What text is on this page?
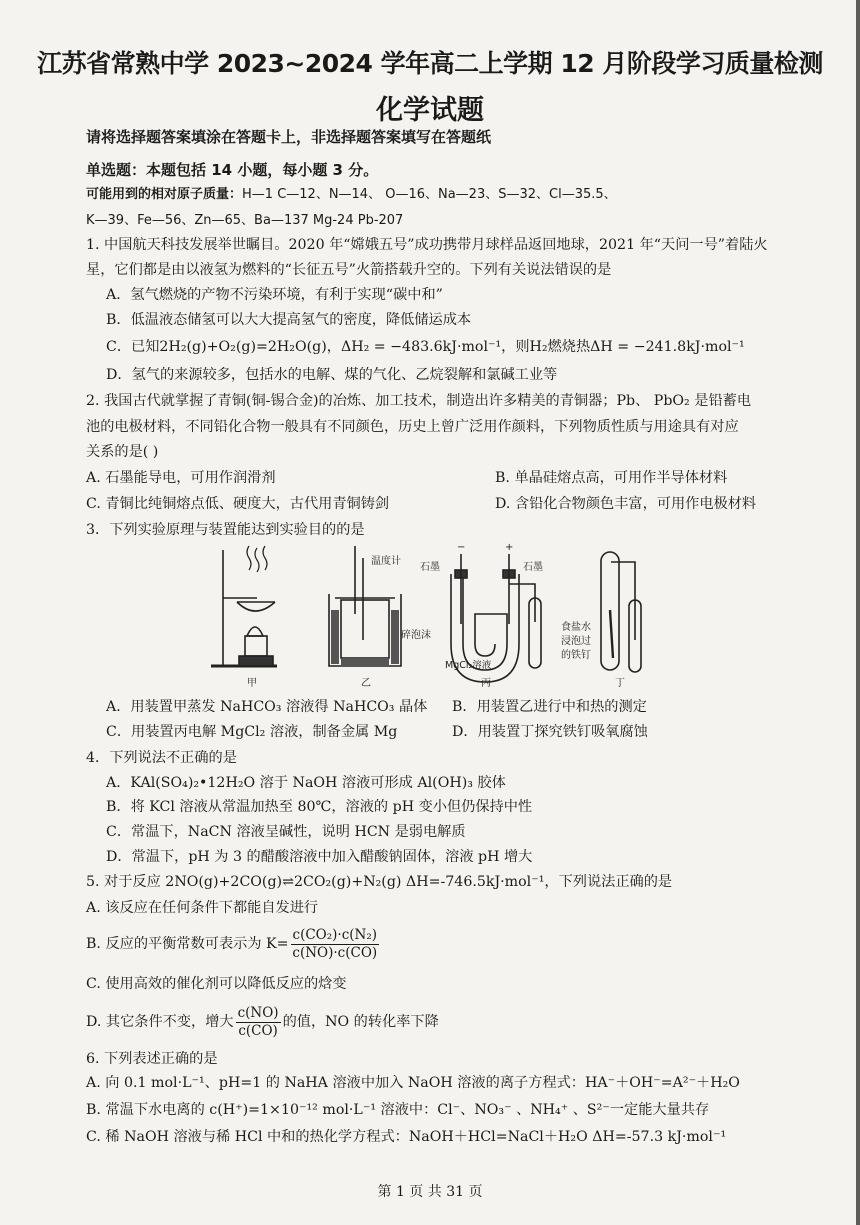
江苏省常熟中学 2023~2024 学年高二上学期 12 月阶段学习质量检测
化学试题
请将选择题答案填涂在答题卡上，非选择题答案填写在答题纸
单选题：本题包括 14 小题，每小题 3 分。
可能用到的相对原子质量：H—1 C—12、N—14、 O—16、Na—23、S—32、Cl—35.5、
K—39、Fe—56、Zn—65、Ba—137 Mg-24 Pb-207
1. 中国航天科技发展举世瞩目。2020 年“嫦娥五号”成功携带月球样品返回地球，2021 年“天问一号”着陆火
星，它们都是由以液氢为燃料的“长征五号”火箭搭载升空的。下列有关说法错误的是
A．氢气燃烧的产物不污染环境，有利于实现“碳中和”
B．低温液态储氢可以大大提高氢气的密度，降低储运成本
C．已知2H₂(g)+O₂(g)=2H₂O(g)，ΔH₂ = −483.6kJ·mol⁻¹，则H₂燃烧热ΔH = −241.8kJ·mol⁻¹
D．氢气的来源较多，包括水的电解、煤的气化、乙烷裂解和氯碱工业等
2. 我国古代就掌握了青铜(铜-锡合金)的冶炼、加工技术，制造出许多精美的青铜器；Pb、 PbO₂ 是铅蓄电
池的电极材料，不同铅化合物一般具有不同颜色，历史上曾广泛用作颜料，下列物质性质与用途具有对应
关系的是( )
A. 石墨能导电，可用作润滑剂	B. 单晶硅熔点高，可用作半导体材料
C. 青铜比纯铜熔点低、硬度大，古代用青铜铸剑	D. 含铅化合物颜色丰富，可用作电极材料
3．下列实验原理与装置能达到实验目的的是
温度计
碎泡沫
石墨	石墨
−	+
MgCl₂溶液
食盐水
浸泡过
的铁钉
甲	乙	丙	丁
A．用装置甲蒸发 NaHCO₃ 溶液得 NaHCO₃ 晶体 B．用装置乙进行中和热的测定
C．用装置丙电解 MgCl₂ 溶液，制备金属 Mg	D．用装置丁探究铁钉吸氧腐蚀
4．下列说法不正确的是
A．KAl(SO₄)₂•12H₂O 溶于 NaOH 溶液可形成 Al(OH)₃ 胶体
B．将 KCl 溶液从常温加热至 80℃，溶液的 pH 变小但仍保持中性
C．常温下，NaCN 溶液呈碱性，说明 HCN 是弱电解质
D．常温下，pH 为 3 的醋酸溶液中加入醋酸钠固体，溶液 pH 增大
5. 对于反应 2NO(g)+2CO(g)⇌2CO₂(g)+N₂(g) ΔH=-746.5kJ·mol⁻¹，下列说法正确的是
A. 该反应在任何条件下都能自发进行
B. 反应的平衡常数可表示为 $K= \frac{\text{c(CO₂)·c(N₂)}}{c(NO)\cdot c(CO)}$
C. 使用高效的催化剂可以降低反应的焓变
D. 其它条件不变，增大 $\frac{c(NO)}{c(CO)}$ 的值，NO 的转化率下降
6. 下列表述正确的是
A. 向 0.1 mol·L⁻¹、pH=1 的 NaHA 溶液中加入 NaOH 溶液的离子方程式：HA⁻＋OH⁻=A²⁻＋H₂O
B. 常温下水电离的 c(H⁺)=1×10⁻¹² mol·L⁻¹ 溶液中：Cl⁻、NO₃⁻ 、NH₄⁺ 、S²⁻一定能大量共存
C. 稀 NaOH 溶液与稀 HCl 中和的热化学方程式：NaOH＋HCl=NaCl＋H₂O ΔH=-57.3 kJ·mol⁻¹
第 1 页 共 31 页
